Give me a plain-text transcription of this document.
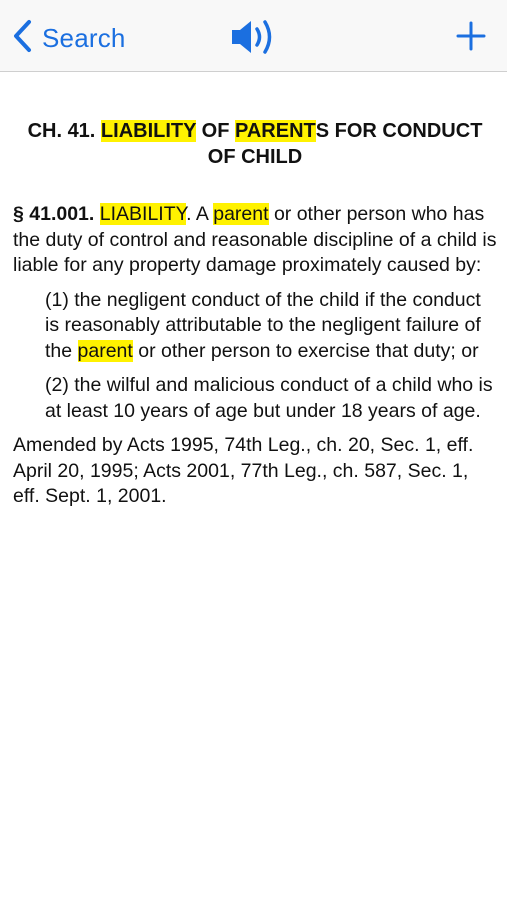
Search

CH. 41. LIABILITY OF PARENTS FOR CONDUCT OF CHILD

§ 41.001. LIABILITY. A parent or other person who has the duty of control and reasonable discipline of a child is liable for any property damage proximately caused by:

(1) the negligent conduct of the child if the conduct is reasonably attributable to the negligent failure of the parent or other person to exercise that duty; or

(2) the wilful and malicious conduct of a child who is at least 10 years of age but under 18 years of age.

Amended by Acts 1995, 74th Leg., ch. 20, Sec. 1, eff. April 20, 1995; Acts 2001, 77th Leg., ch. 587, Sec. 1, eff. Sept. 1, 2001.
